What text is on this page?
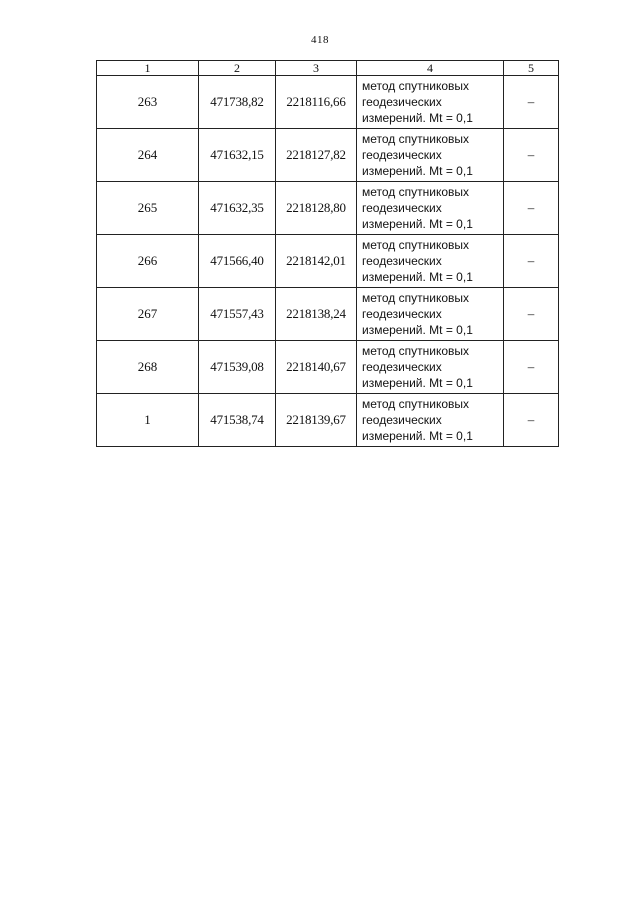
418
1	2	3	4	5
263	471738,82	2218116,66	метод спутниковых
геодезических
измерений. Mt = 0,1	–
264	471632,15	2218127,82	метод спутниковых
геодезических
измерений. Mt = 0,1	–
265	471632,35	2218128,80	метод спутниковых
геодезических
измерений. Mt = 0,1	–
266	471566,40	2218142,01	метод спутниковых
геодезических
измерений. Mt = 0,1	–
267	471557,43	2218138,24	метод спутниковых
геодезических
измерений. Mt = 0,1	–
268	471539,08	2218140,67	метод спутниковых
геодезических
измерений. Mt = 0,1	–
1	471538,74	2218139,67	метод спутниковых
геодезических
измерений. Mt = 0,1	–
